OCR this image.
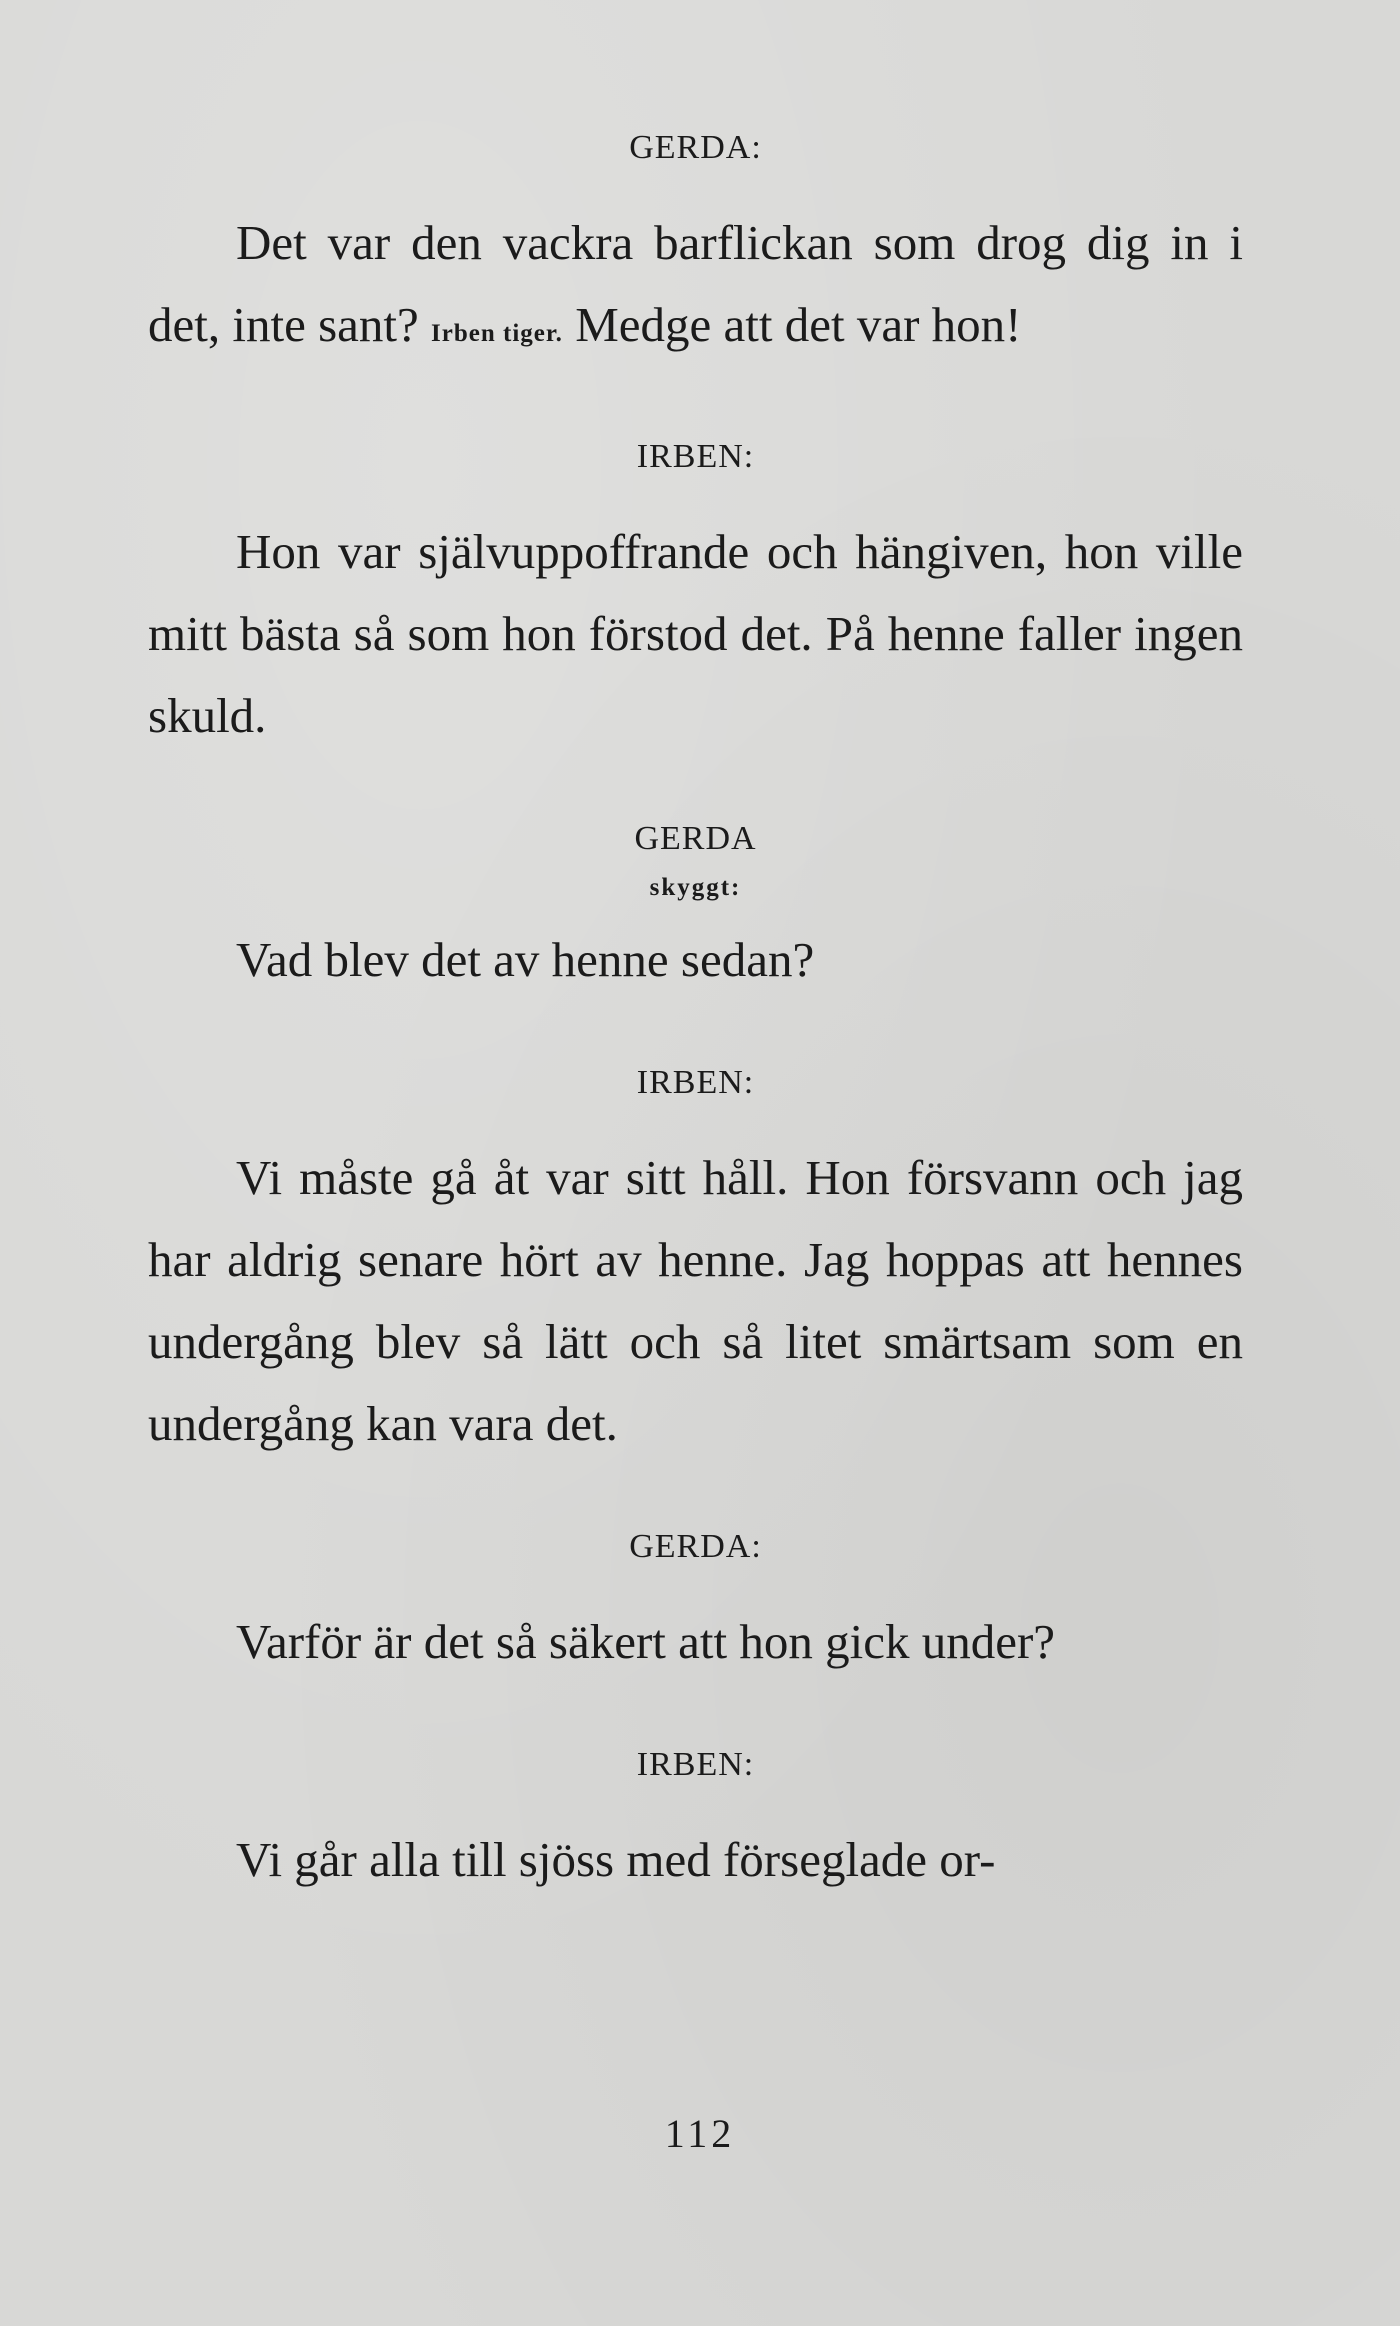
GERDA:

Det var den vackra barflickan som drog dig in i det, inte sant? Irben tiger. Medge att det var hon!

IRBEN:

Hon var självuppoffrande och hängiven, hon ville mitt bästa så som hon förstod det. På henne faller ingen skuld.

GERDA

skyggt:

Vad blev det av henne sedan?

IRBEN:

Vi måste gå åt var sitt håll. Hon försvann och jag har aldrig senare hört av henne. Jag hoppas att hennes undergång blev så lätt och så litet smärtsam som en undergång kan vara det.

GERDA:

Varför är det så säkert att hon gick under?

IRBEN:

Vi går alla till sjöss med förseglade or-

112
